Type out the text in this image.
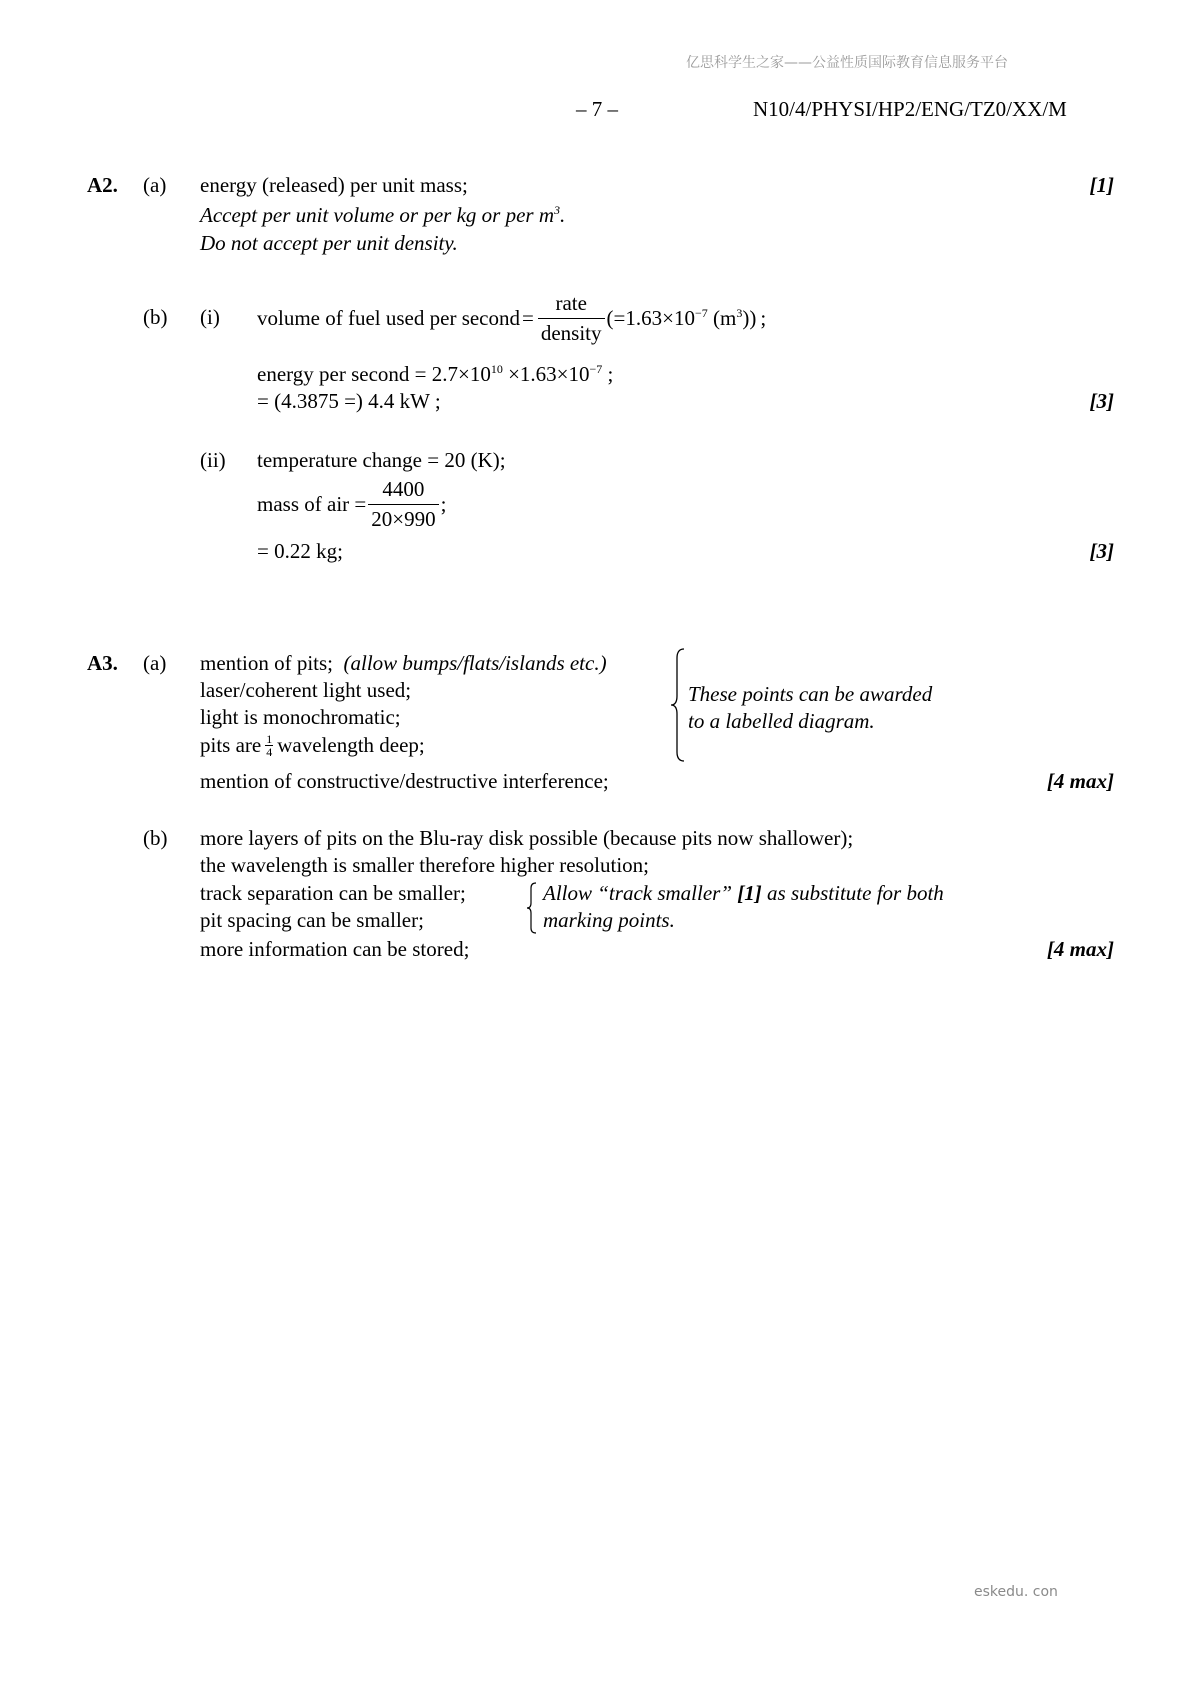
亿思科学生之家——公益性质国际教育信息服务平台
– 7 –	N10/4/PHYSI/HP2/ENG/TZ0/XX/M
A2. (a) energy (released) per unit mass;	[1]
Accept per unit volume or per kg or per $m^3$.
Do not accept per unit density.
(b) (i) volume of fuel used per second = $\frac{\text{rate}}{\text{density}} (=1.63\times 10^{-7}$ $(m^3)$) ;
energy per second = $2.7\times 10^{10} \times 1.63\times 10^{-7}$ ;
= (4.3875 =) 4.4 kW ;	[3]
(ii) temperature change = 20 (K);
mass of air = $\frac{4400}{20\times 990}$ ;
= 0.22 kg;	[3]
A3. (a) mention of pits; (allow bumps/flats/islands etc.)
laser/coherent light used;
light is monochromatic;
pits are $\frac{1}{4}$ wavelength deep;
These points can be awarded
to a labelled diagram.
mention of constructive/destructive interference;	[4 max]
(b) more layers of pits on the Blu-ray disk possible (because pits now shallower);
the wavelength is smaller therefore higher resolution;
track separation can be smaller;
pit spacing can be smaller;
Allow “track smaller” [1] as substitute for both
marking points.
more information can be stored;	[4 max]
eskedu. con
